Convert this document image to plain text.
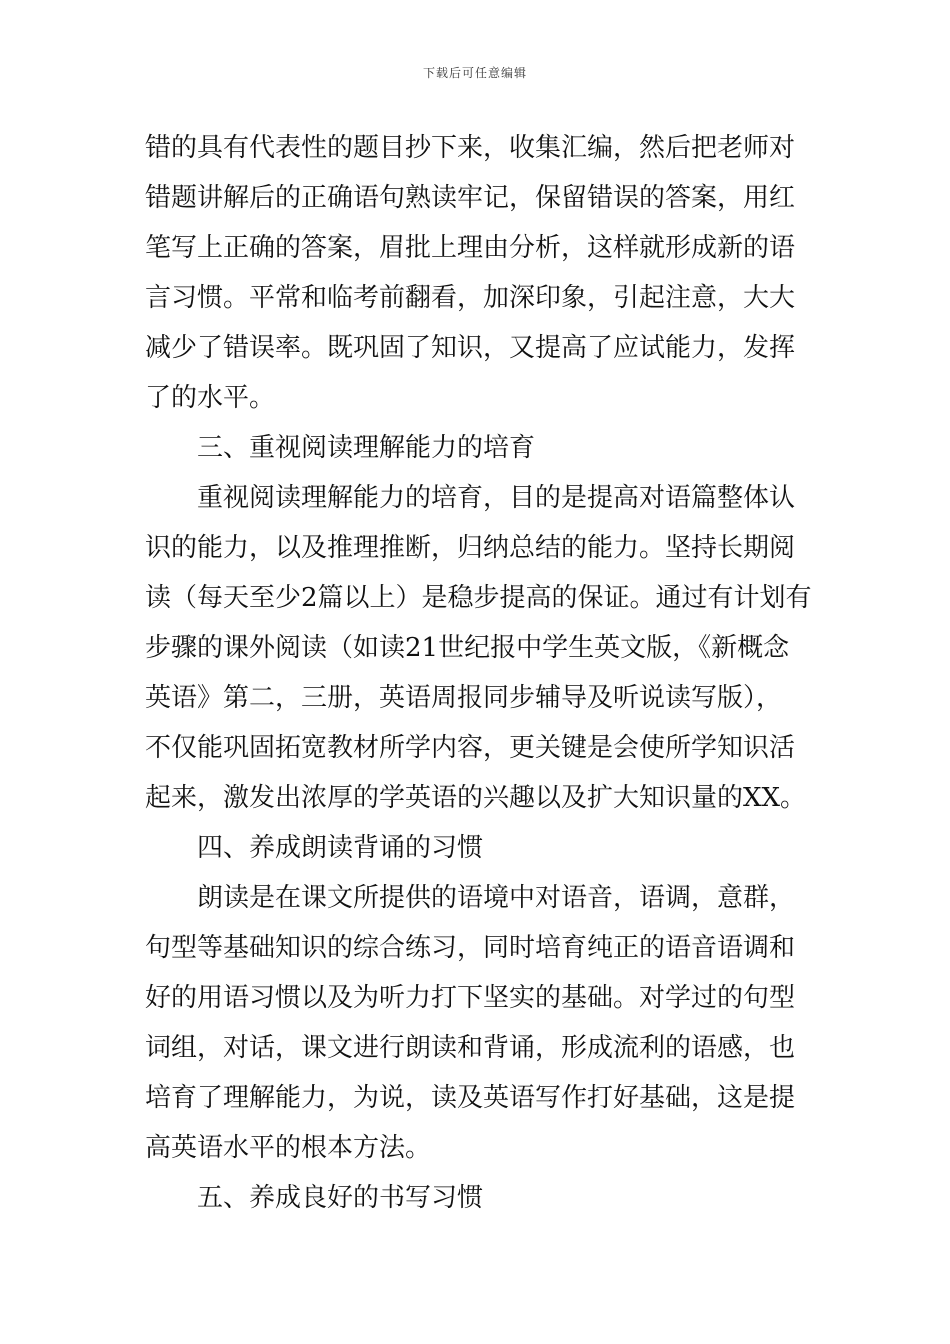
下载后可任意编辑
错的具有代表性的题目抄下来，收集汇编，然后把老师对
错题讲解后的正确语句熟读牢记，保留错误的答案，用红
笔写上正确的答案，眉批上理由分析，这样就形成新的语
言习惯。平常和临考前翻看，加深印象，引起注意，大大
减少了错误率。既巩固了知识，又提高了应试能力，发挥
了的水平。
三、重视阅读理解能力的培育
重视阅读理解能力的培育，目的是提高对语篇整体认
识的能力，以及推理推断，归纳总结的能力。坚持长期阅
读（每天至少2篇以上）是稳步提高的保证。通过有计划有
步骤的课外阅读（如读21世纪报中学生英文版，《新概念
英语》第二，三册，英语周报同步辅导及听说读写版），
不仅能巩固拓宽教材所学内容，更关键是会使所学知识活
起来，激发出浓厚的学英语的兴趣以及扩大知识量的XX。
四、养成朗读背诵的习惯
朗读是在课文所提供的语境中对语音，语调，意群，
句型等基础知识的综合练习，同时培育纯正的语音语调和
好的用语习惯以及为听力打下坚实的基础。对学过的句型
词组，对话，课文进行朗读和背诵，形成流利的语感，也
培育了理解能力，为说，读及英语写作打好基础，这是提
高英语水平的根本方法。
五、养成良好的书写习惯
